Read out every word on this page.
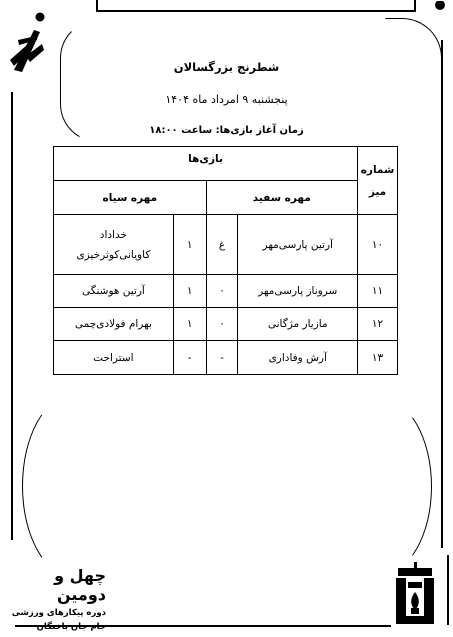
شطرنج بزرگسالان
پنجشنبه ۹ امرداد ماه ۱۴۰۴
زمان آغاز بازی‌ها: ساعت ۱۸:۰۰
شماره
میز	بازی‌ها			
	مهره سفید		مهره سیاه	
۱۰	آرتین پارسی‌مهر	غ	۱	خداداد
کاویانی‌کوثرخیزی

۱۱	سروناز پارسی‌مهر	۰	۱	آرتین هوشنگی
۱۲	مازیار مژگانی	۰	۱	بهرام فولادی‌چمی
۱۳	آرش وفاداری	-	-	استراحت
چهل و دومین
دوره پیکارهای ورزشی
جام جان باختگان
